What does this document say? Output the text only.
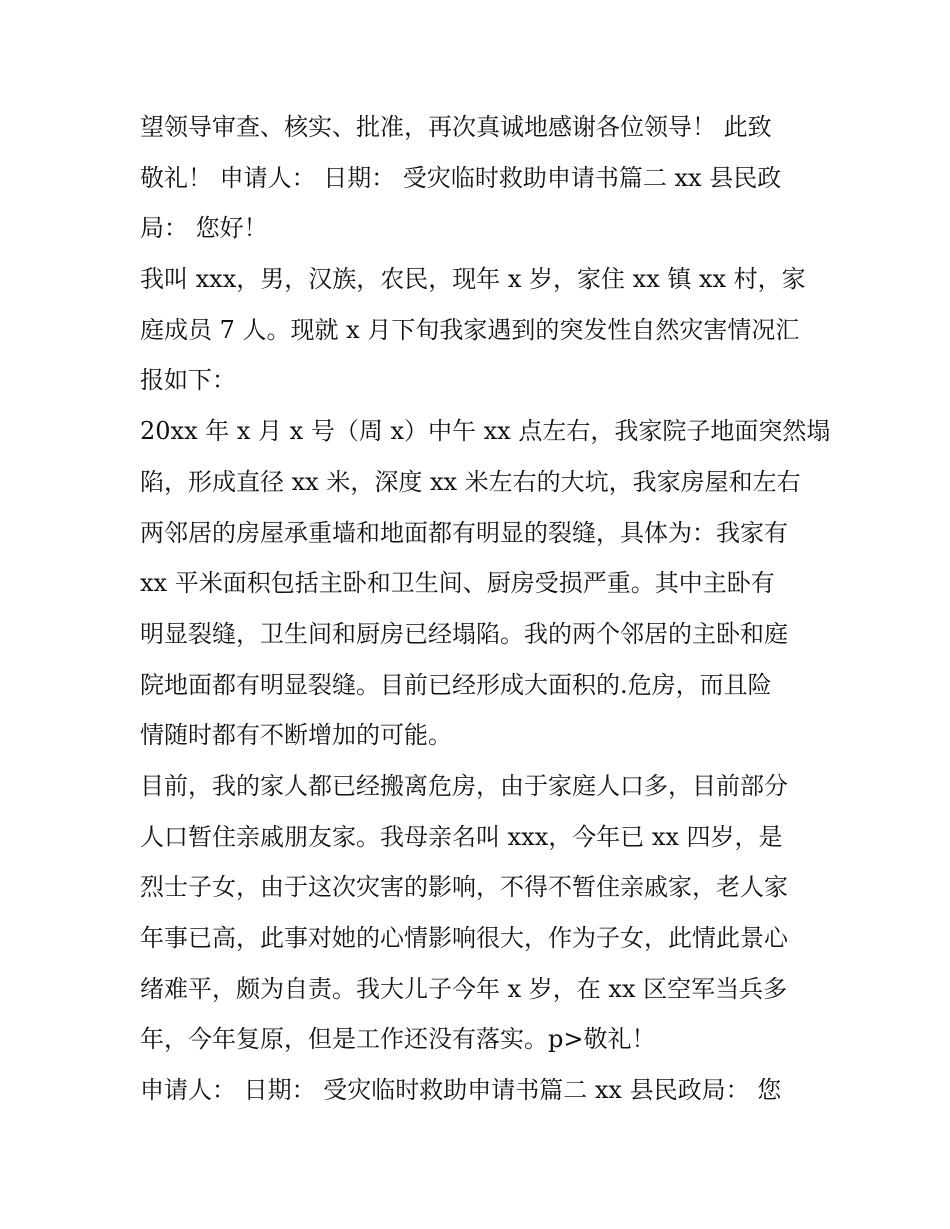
望领导审查、核实、批准，再次真诚地感谢各位领导！ 此致
敬礼！ 申请人： 日期： 受灾临时救助申请书篇二 xx 县民政
局： 您好！
我叫 xxx，男，汉族，农民，现年 x 岁，家住 xx 镇 xx 村，家
庭成员 7 人。现就 x 月下旬我家遇到的突发性自然灾害情况汇
报如下：
20xx 年 x 月 x 号（周 x）中午 xx 点左右，我家院子地面突然塌
陷，形成直径 xx 米，深度 xx 米左右的大坑，我家房屋和左右
两邻居的房屋承重墙和地面都有明显的裂缝，具体为：我家有
xx 平米面积包括主卧和卫生间、厨房受损严重。其中主卧有
明显裂缝，卫生间和厨房已经塌陷。我的两个邻居的主卧和庭
院地面都有明显裂缝。目前已经形成大面积的.危房，而且险
情随时都有不断增加的可能。
目前，我的家人都已经搬离危房，由于家庭人口多，目前部分
人口暂住亲戚朋友家。我母亲名叫 xxx，今年已 xx 四岁，是
烈士子女，由于这次灾害的影响，不得不暂住亲戚家，老人家
年事已高，此事对她的心情影响很大，作为子女，此情此景心
绪难平，颇为自责。我大儿子今年 x 岁，在 xx 区空军当兵多
年，今年复原，但是工作还没有落实。p>敬礼！
申请人： 日期： 受灾临时救助申请书篇二 xx 县民政局： 您
